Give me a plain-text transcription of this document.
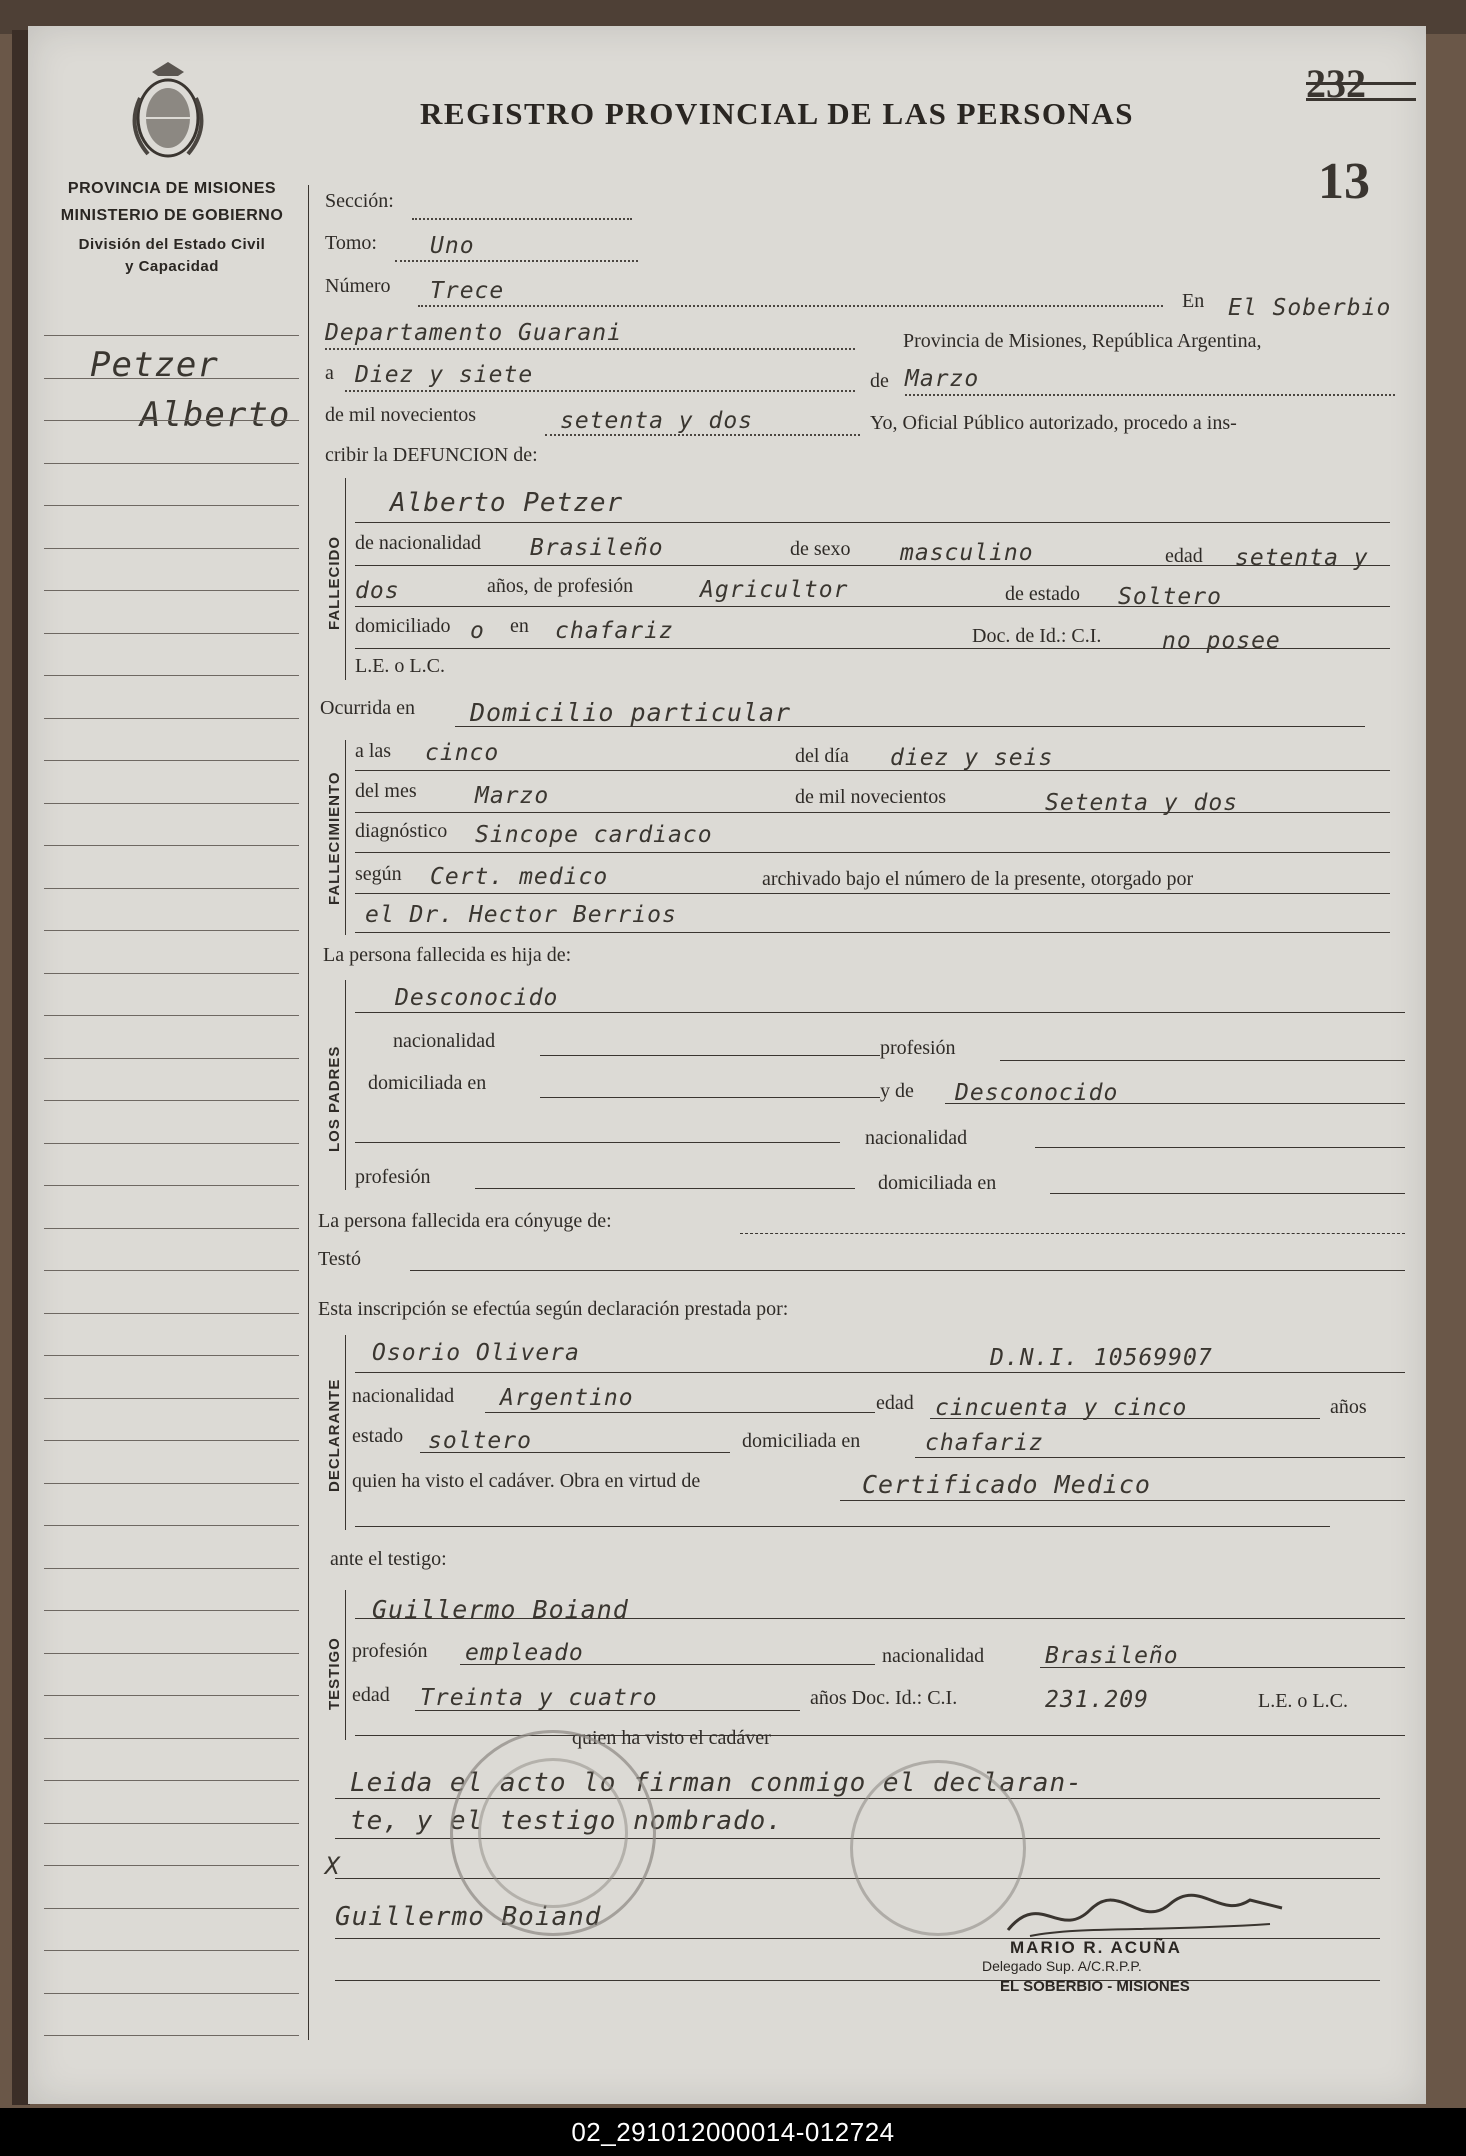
PROVINCIA DE MISIONES
MINISTERIO DE GOBIERNO
División del Estado Civil
y Capacidad
REGISTRO PROVINCIAL DE LAS PERSONAS
232
13
Petzer
Alberto
Sección:
Tomo: Uno
Número Trece	En El Soberbio
Departamento Guarani	Provincia de Misiones, República Argentina,
a Diez y siete	de Marzo
de mil novecientos	setenta y dos	Yo, Oficial Público autorizado, procedo a ins-
cribir la DEFUNCION de:
FALLECIDO
Alberto Petzer
de nacionalidad Brasileño	de sexo masculino	edad setenta y
dos	años, de profesión	Agricultor	de estado Soltero
domiciliado o en chafariz	Doc. de Id.: C.I.	no posee
L.E. o L.C.
Ocurrida en Domicilio particular
FALLECIMIENTO
a las cinco	del día diez y seis
del mes	Marzo	de mil novecientos	Setenta y dos
diagnóstico Sincope cardiaco
según Cert. medico	archivado bajo el número de la presente, otorgado por
el Dr. Hector Berrios
La persona fallecida es hija de:
LOS PADRES
Desconocido
nacionalidad	profesión
domiciliada en	y de Desconocido
nacionalidad
profesión	domiciliada en
La persona fallecida era cónyuge de:
Testó
Esta inscripción se efectúa según declaración prestada por:
DECLARANTE
Osorio Olivera	D.N.I. 10569907
nacionalidad Argentino	edad cincuenta y cinco	años
estado soltero	domiciliada en	chafariz
quien ha visto el cadáver. Obra en virtud de	Certificado Medico
ante el testigo:
TESTIGO
Guillermo Boiand
profesión empleado	nacionalidad	Brasileño
edad Treinta y cuatro	años Doc. Id.: C.I.	231.209	L.E. o L.C.
quien ha visto el cadáver
Leida el acto lo firman conmigo el declaran-
te, y el testigo nombrado.
X
Guillermo Boiand
MARIO R. ACUÑA
Delegado Sup. A/C.R.P.P.
EL SOBERBIO - MISIONES
02_291012000014-012724
